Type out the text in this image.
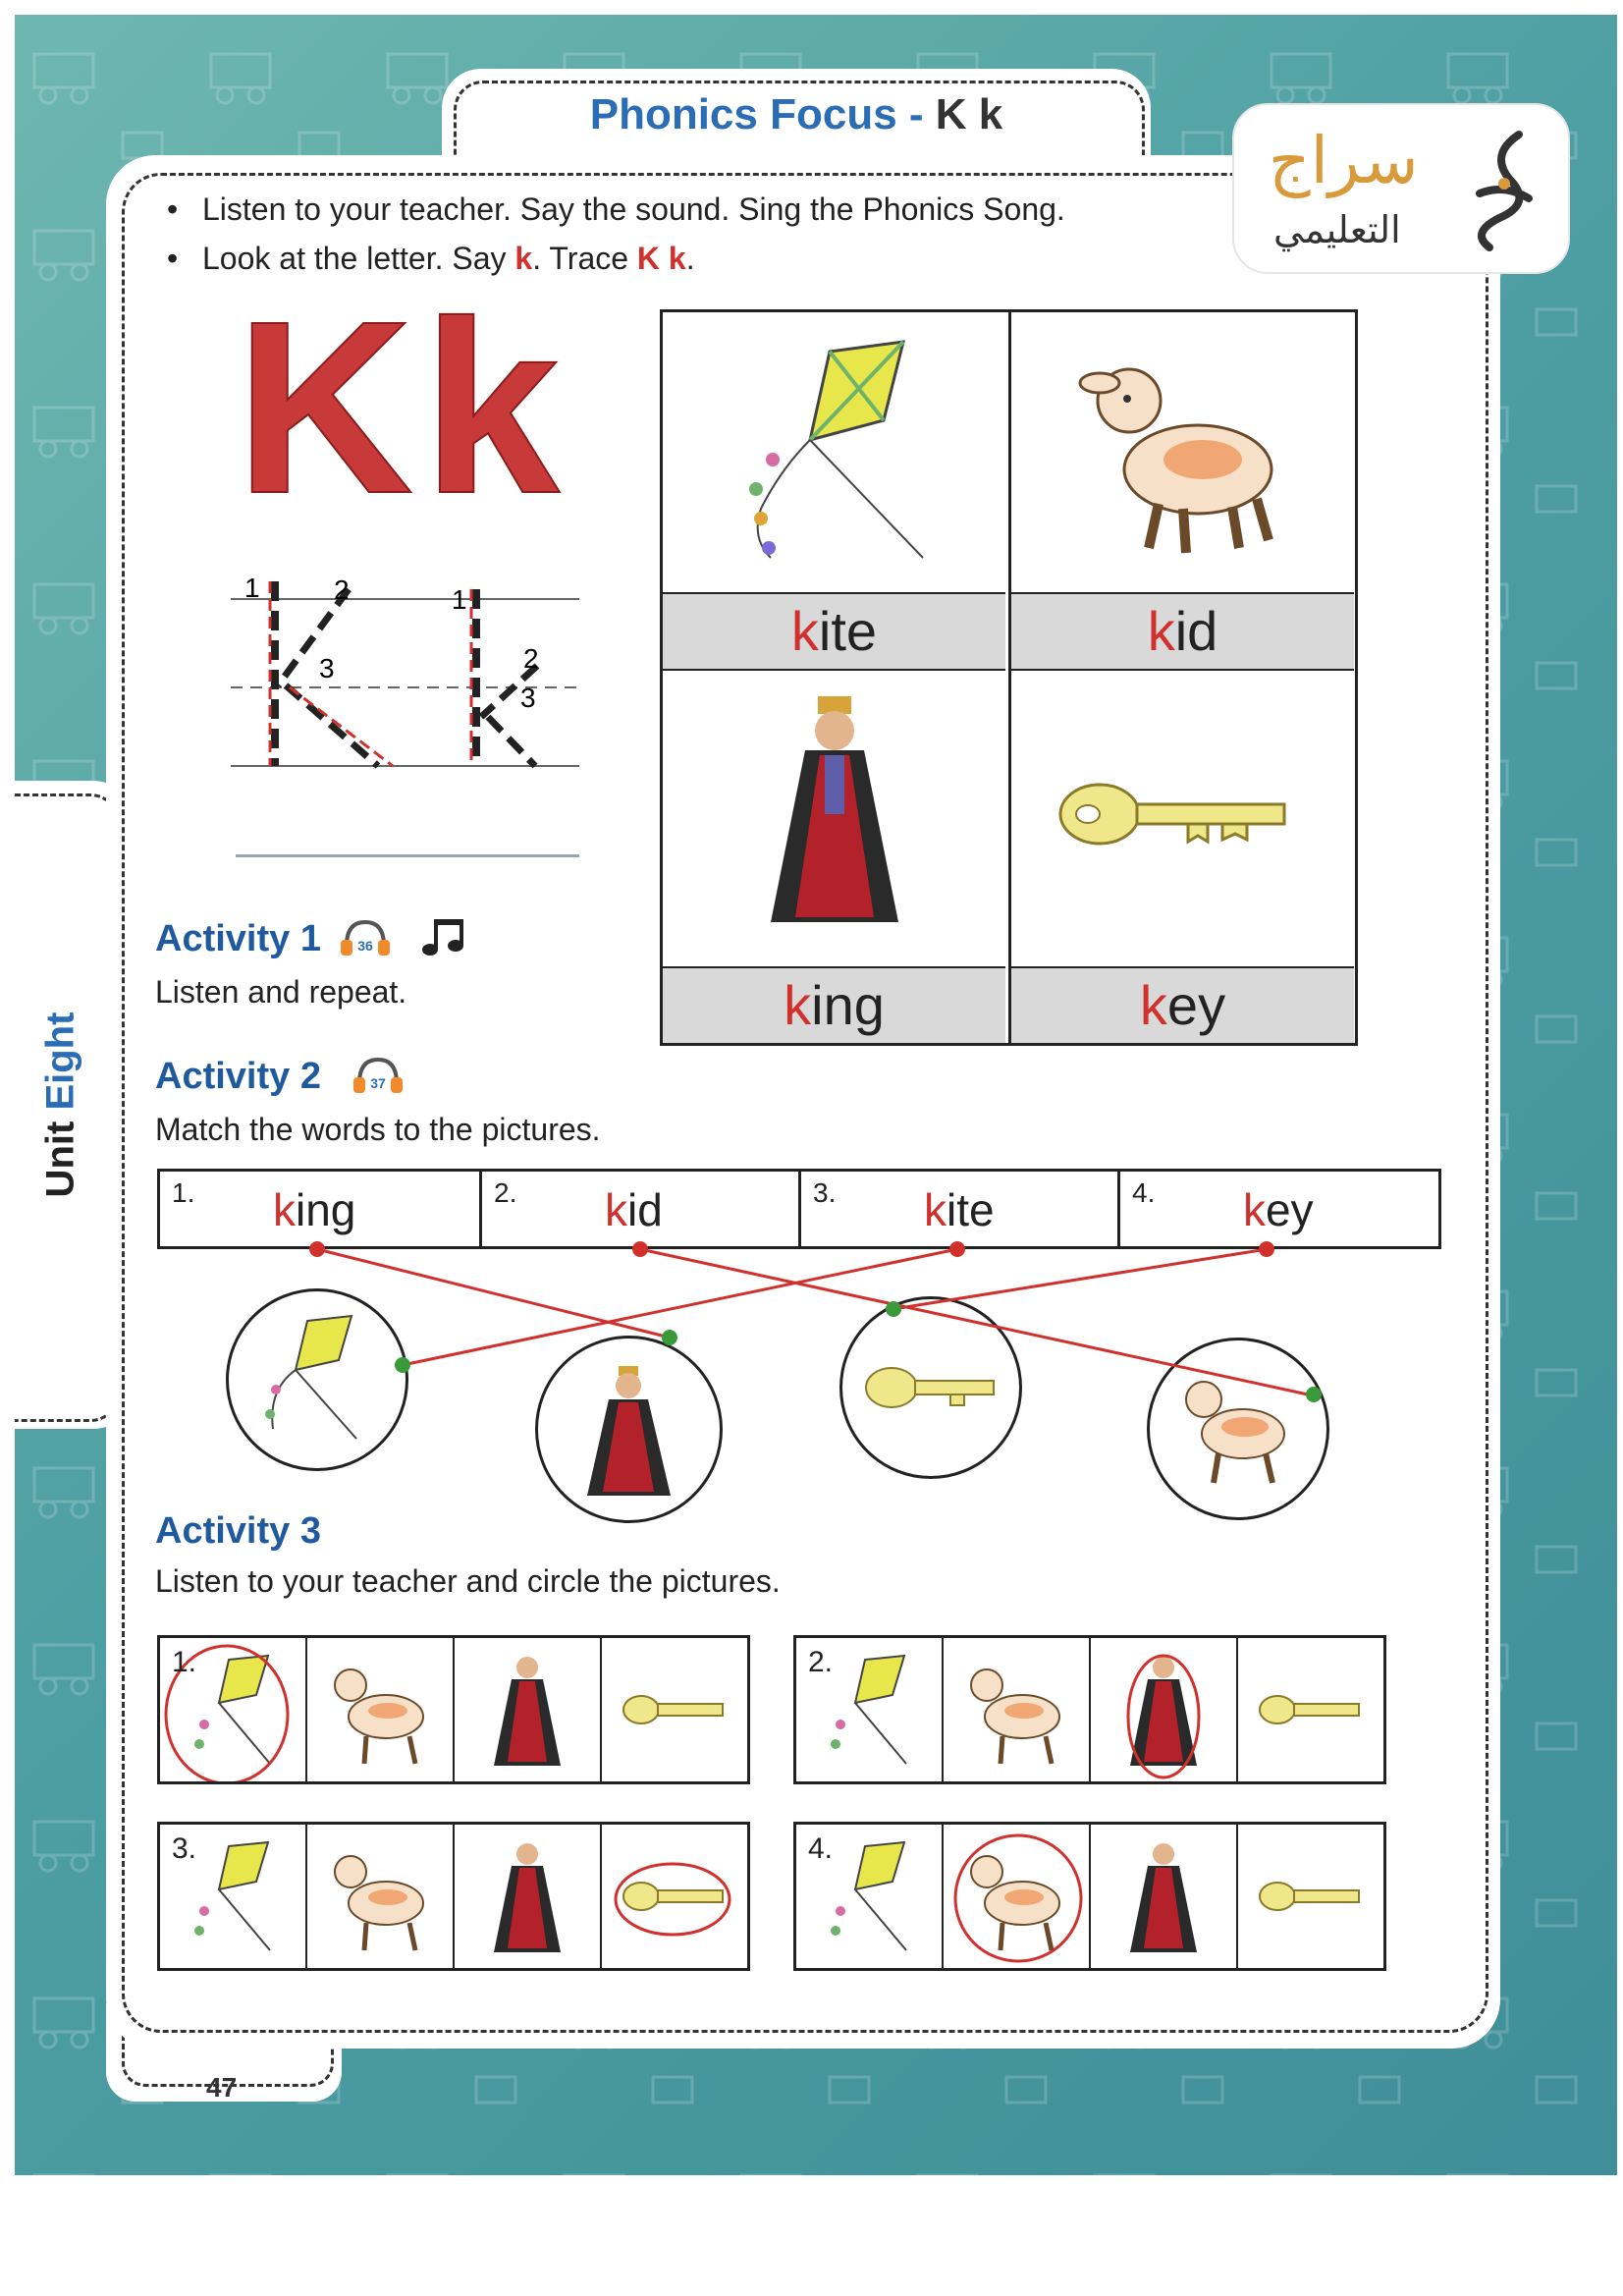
Unit Eight
47
Phonics Focus - K k
سراج
التعليمي
• Listen to your teacher. Say the sound. Sing the Phonics Song.
• Look at the letter. Say k. Trace K k.
Kk
1	2
3
1
2
3
kite	kid
king	key
Activity 1	36
Listen and repeat.
Activity 2	37
Match the words to the pictures.
1. king	2. kid	3. kite	4. key
Activity 3
Listen to your teacher and circle the pictures.
1.	2.
3.	4.
